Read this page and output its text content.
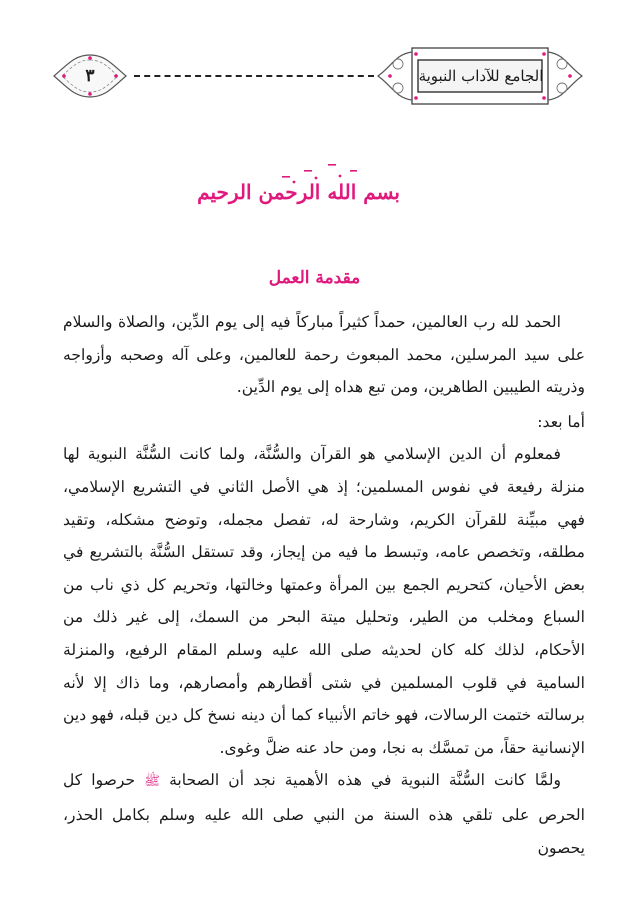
٣	الجامع للآداب النبوية
بسم الله الرحمن الرحيم
مقدمة العمل

الحمد لله رب العالمين، حمداً كثيراً مباركاً فيه إلى يوم الدِّين، والصلاة والسلام على سيد المرسلين، محمد المبعوث رحمة للعالمين، وعلى آله وصحبه وأزواجه وذريته الطيبين الطاهرين، ومن تبع هداه إلى يوم الدِّين.

أما بعد:

فمعلوم أن الدين الإسلامي هو القرآن والسُّنَّة، ولما كانت السُّنَّة النبوية لها منزلة رفيعة في نفوس المسلمين؛ إذ هي الأصل الثاني في التشريع الإسلامي، فهي مبيِّنة للقرآن الكريم، وشارحة له، تفصل مجمله، وتوضح مشكله، وتقيد مطلقه، وتخصص عامه، وتبسط ما فيه من إيجاز، وقد تستقل السُّنَّة بالتشريع في بعض الأحيان، كتحريم الجمع بين المرأة وعمتها وخالتها، وتحريم كل ذي ناب من السباع ومخلب من الطير، وتحليل ميتة البحر من السمك، إلى غير ذلك من الأحكام، لذلك كله كان لحديثه صلى الله عليه وسلم المقام الرفيع، والمنزلة السامية في قلوب المسلمين في شتى أقطارهم وأمصارهم، وما ذاك إلا لأنه برسالته ختمت الرسالات، فهو خاتم الأنبياء كما أن دينه نسخ كل دين قبله، فهو دين الإنسانية حقاً، من تمسَّك به نجا، ومن حاد عنه ضلَّ وغوى.

ولمَّا كانت السُّنَّة النبوية في هذه الأهمية نجد أن الصحابة ﷺ حرصوا كل الحرص على تلقي هذه السنة من النبي صلى الله عليه وسلم بكامل الحذر، يحصون
